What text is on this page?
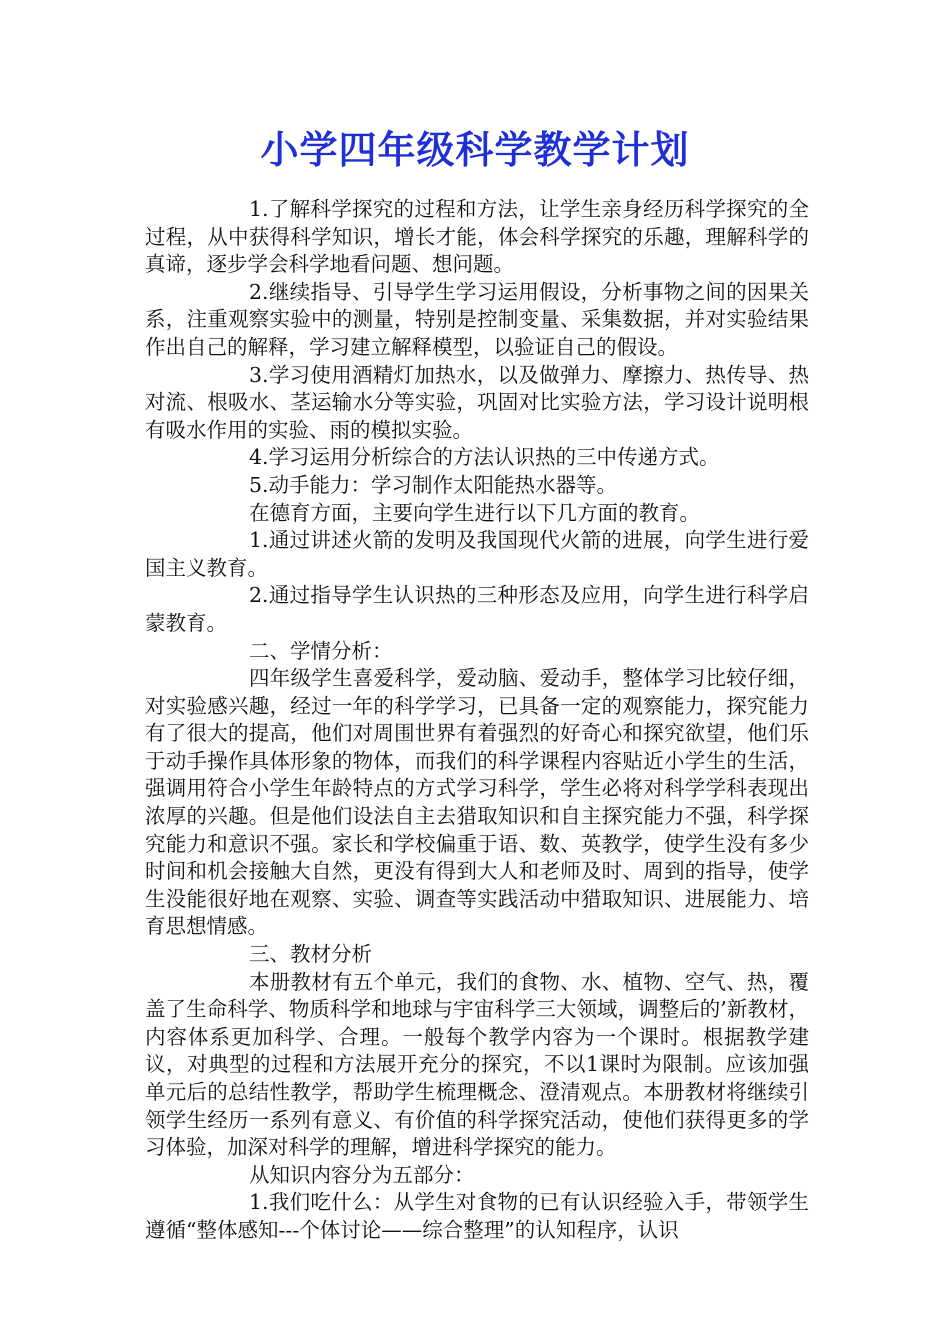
小学四年级科学教学计划

1.了解科学探究的过程和方法，让学生亲身经历科学探究的全过程，从中获得科学知识，增长才能，体会科学探究的乐趣，理解科学的真谛，逐步学会科学地看问题、想问题。

2.继续指导、引导学生学习运用假设，分析事物之间的因果关系，注重观察实验中的测量，特别是控制变量、采集数据，并对实验结果作出自己的解释，学习建立解释模型，以验证自己的假设。

3.学习使用酒精灯加热水，以及做弹力、摩擦力、热传导、热对流、根吸水、茎运输水分等实验，巩固对比实验方法，学习设计说明根有吸水作用的实验、雨的模拟实验。

4.学习运用分析综合的方法认识热的三中传递方式。

5.动手能力：学习制作太阳能热水器等。

在德育方面，主要向学生进行以下几方面的教育。

1.通过讲述火箭的发明及我国现代火箭的进展，向学生进行爱国主义教育。

2.通过指导学生认识热的三种形态及应用，向学生进行科学启蒙教育。

二、学情分析：

四年级学生喜爱科学，爱动脑、爱动手，整体学习比较仔细，对实验感兴趣，经过一年的科学学习，已具备一定的观察能力，探究能力有了很大的提高，他们对周围世界有着强烈的好奇心和探究欲望，他们乐于动手操作具体形象的物体，而我们的科学课程内容贴近小学生的生活，强调用符合小学生年龄特点的方式学习科学，学生必将对科学学科表现出浓厚的兴趣。但是他们设法自主去猎取知识和自主探究能力不强，科学探究能力和意识不强。家长和学校偏重于语、数、英教学，使学生没有多少时间和机会接触大自然，更没有得到大人和老师及时、周到的指导，使学生没能很好地在观察、实验、调查等实践活动中猎取知识、进展能力、培育思想情感。

三、教材分析

本册教材有五个单元，我们的食物、水、植物、空气、热，覆盖了生命科学、物质科学和地球与宇宙科学三大领域，调整后的’新教材，内容体系更加科学、合理。一般每个教学内容为一个课时。根据教学建议，对典型的过程和方法展开充分的探究，不以1课时为限制。应该加强单元后的总结性教学，帮助学生梳理概念、澄清观点。本册教材将继续引领学生经历一系列有意义、有价值的科学探究活动，使他们获得更多的学习体验，加深对科学的理解，增进科学探究的能力。

从知识内容分为五部分：

1.我们吃什么：从学生对食物的已有认识经验入手，带领学生遵循“整体感知---个体讨论——综合整理”的认知程序，认识
